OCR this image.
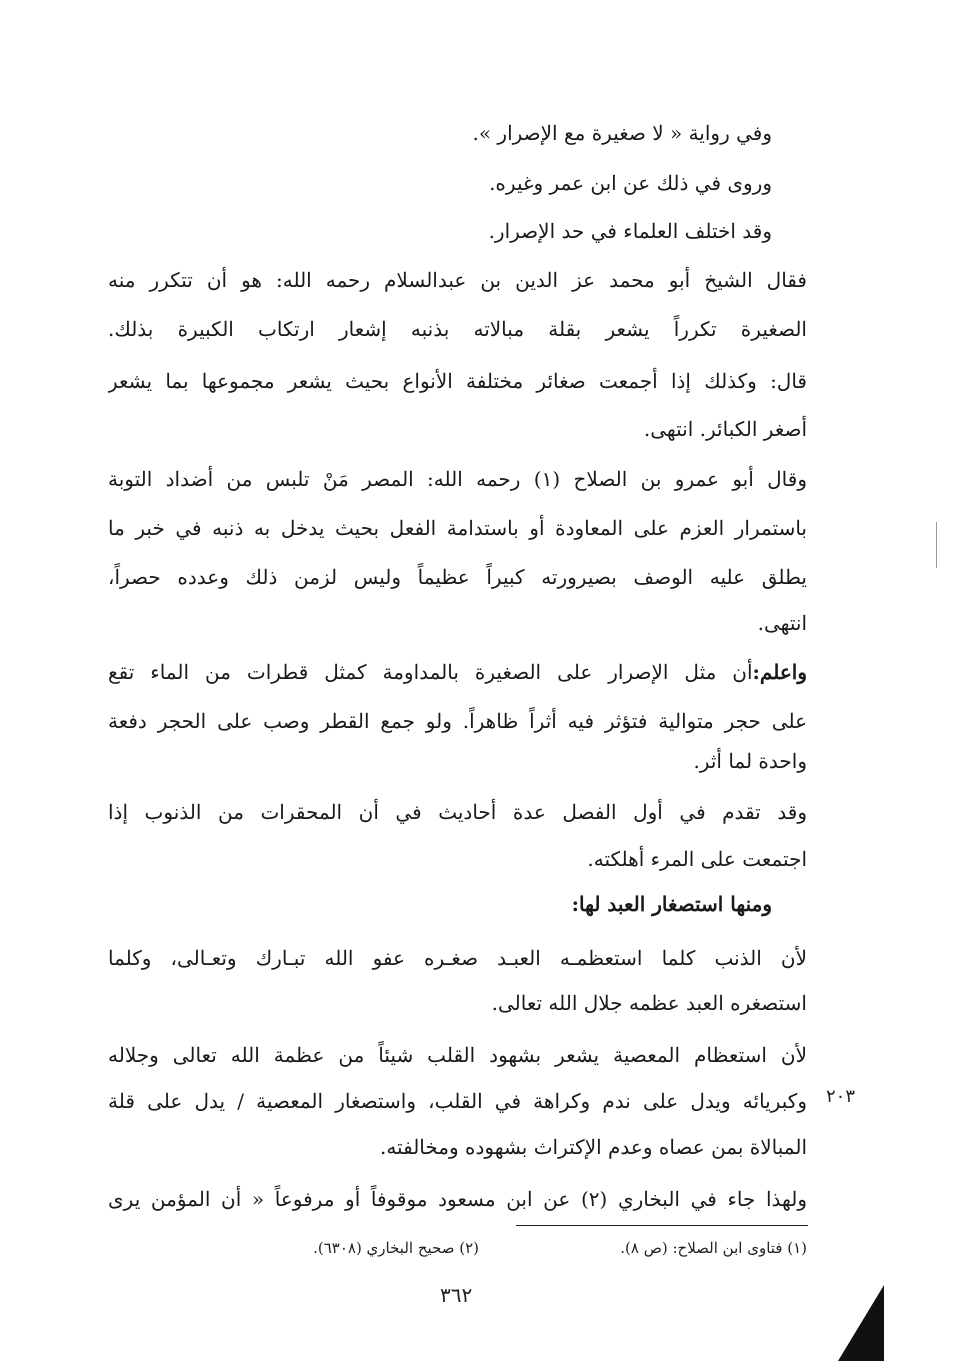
وفي رواية « لا صغيرة مع الإصرار ».
وروى في ذلك عن ابن عمر وغيره.
وقد اختلف العلماء في حد الإصرار.
فقال الشيخ أبو محمد عز الدين بن عبدالسلام رحمه الله: هو أن تتكرر منه
الصغيرة تكرراً يشعر بقلة مبالاته بذنبه إشعار ارتكاب الكبيرة بذلك.
قال: وكذلك إذا أجمعت صغائر مختلفة الأنواع بحيث يشعر مجموعها بما يشعر
أصغر الكبائر. انتهى.
وقال أبو عمرو بن الصلاح (١) رحمه الله: المصر مَنْ تلبس من أضداد التوبة
باستمرار العزم على المعاودة أو باستدامة الفعل بحيث يدخل به ذنبه في خبر ما
يطلق عليه الوصف بصيرورته كبيراً عظيماً وليس لزمن ذلك وعدده حصراً،
انتهى.
واعلم:أن مثل الإصرار على الصغيرة بالمداومة كمثل قطرات من الماء تقع
على حجر متوالية فتؤثر فيه أثراً ظاهراً. ولو جمع القطر وصب على الحجر دفعة
واحدة لما أثر.
وقد تقدم في أول الفصل عدة أحاديث في أن المحقرات من الذنوب إذا
اجتمعت على المرء أهلكته.
ومنها استصغار العبد لها:
لأن الذنب كلما استعظمـه العبـد صغـره عفو الله تبـارك وتعـالى، وكلما
استصغره العبد عظمه جلال الله تعالى.
لأن استعظام المعصية يشعر بشهود القلب شيئاً من عظمة الله تعالى وجلاله
وكبريائه ويدل على ندم وكراهة في القلب، واستصغار المعصية / يدل على قلة
المبالاة بمن عصاه وعدم الإكتراث بشهوده ومخالفته.
ولهذا جاء في البخاري (٢) عن ابن مسعود موقوفاً أو مرفوعاً « أن المؤمن يرى
٢٠٣
(١) فتاوى ابن الصلاح: (ص ٨).
(٢) صحيح البخاري (٦٣٠٨).
٣٦٢
